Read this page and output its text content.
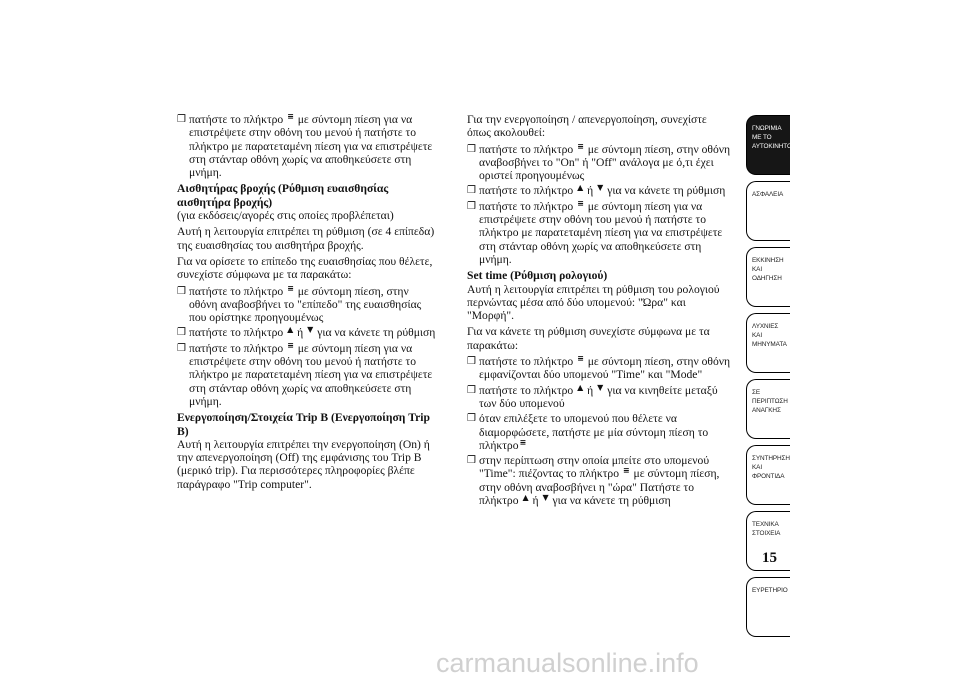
❒ πατήστε το πλήκτρο ≡ με σύντομη πίεση για να επιστρέψετε στην οθόνη του μενού ή πατήστε το πλήκτρο με παρατεταμένη πίεση για να επιστρέψετε στη στάνταρ οθόνη χωρίς να αποθηκεύσετε στη μνήμη.
Αισθητήρας βροχής (Ρύθμιση ευαισθησίας αισθητήρα βροχής)

(για εκδόσεις/αγορές στις οποίες προβλέπεται)

Αυτή η λειτουργία επιτρέπει τη ρύθμιση (σε 4 επίπεδα) της ευαισθησίας του αισθητήρα βροχής.

Για να ορίσετε το επίπεδο της ευαισθησίας που θέλετε, συνεχίστε σύμφωνα με τα παρακάτω:

❒ πατήστε το πλήκτρο ≡ με σύντομη πίεση, στην οθόνη αναβοσβήνει το "επίπεδο" της ευαισθησίας που ορίστηκε προηγουμένως
❒ πατήστε το πλήκτρο ▲ ή ▼ για να κάνετε τη ρύθμιση
❒ πατήστε το πλήκτρο ≡ με σύντομη πίεση για να επιστρέψετε στην οθόνη του μενού ή πατήστε το πλήκτρο με παρατεταμένη πίεση για να επιστρέψετε στη στάνταρ οθόνη χωρίς να αποθηκεύσετε στη μνήμη.
Ενεργοποίηση/Στοιχεία Trip B (Ενεργοποίηση Trip B)

Αυτή η λειτουργία επιτρέπει την ενεργοποίηση (On) ή την απενεργοποίηση (Off) της εμφάνισης του Trip B (μερικό trip). Για περισσότερες πληροφορίες βλέπε παράγραφο "Trip computer".

Για την ενεργοποίηση / απενεργοποίηση, συνεχίστε όπως ακολουθεί:

❒ πατήστε το πλήκτρο ≡ με σύντομη πίεση, στην οθόνη αναβοσβήνει το "On" ή "Off" ανάλογα με ό,τι έχει οριστεί προηγουμένως
❒ πατήστε το πλήκτρο ▲ ή ▼ για να κάνετε τη ρύθμιση
❒ πατήστε το πλήκτρο ≡ με σύντομη πίεση για να επιστρέψετε στην οθόνη του μενού ή πατήστε το πλήκτρο με παρατεταμένη πίεση για να επιστρέψετε στη στάνταρ οθόνη χωρίς να αποθηκεύσετε στη μνήμη.
Set time (Ρύθμιση ρολογιού)

Αυτή η λειτουργία επιτρέπει τη ρύθμιση του ρολογιού περνώντας μέσα από δύο υπομενού: "Ώρα" και "Μορφή".

Για να κάνετε τη ρύθμιση συνεχίστε σύμφωνα με τα παρακάτω:

❒ πατήστε το πλήκτρο ≡ με σύντομη πίεση, στην οθόνη εμφανίζονται δύο υπομενού "Time" και "Mode"
❒ πατήστε το πλήκτρο ▲ ή ▼ για να κινηθείτε μεταξύ των δύο υπομενού
❒ όταν επιλέξετε το υπομενού που θέλετε να διαμορφώσετε, πατήστε με μία σύντομη πίεση το πλήκτρο≡
❒ στην περίπτωση στην οποία μπείτε στο υπομενού "Time": πιέζοντας το πλήκτρο ≡ με σύντομη πίεση, στην οθόνη αναβοσβήνει η "ώρα" Πατήστε το πλήκτρο ▲ ή ▼ για να κάνετε τη ρύθμιση
ΓΝΩΡΙΜΙΑ ΜΕ ΤΟ ΑΥΤΟΚΙΝΗΤΟ
ΑΣΦΑΛΕΙΑ
ΕΚΚΙΝΗΣΗ ΚΑΙ ΟΔΗΓΗΣΗ
ΛΥΧΝΙΕΣ ΚΑΙ ΜΗΝΥΜΑΤΑ
ΣΕ ΠΕΡΙΠΤΩΣΗ ΑΝΑΓΚΗΣ
ΣΥΝΤΗΡΗΣΗ ΚΑΙ ΦΡΟΝΤΙΔΑ
ΤΕΧΝΙΚΑ ΣΤΟΙΧΕΙΑ
ΕΥΡΕΤΗΡΙΟ
15
carmanualsonline.info
